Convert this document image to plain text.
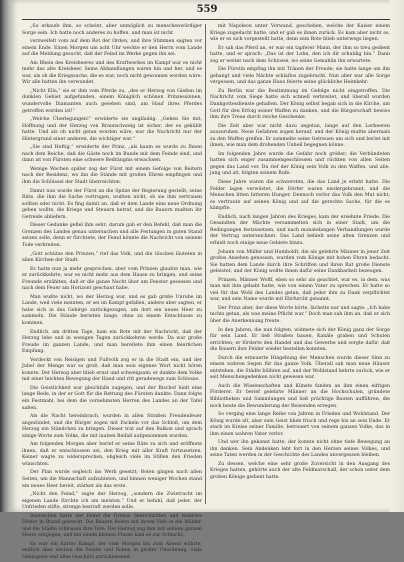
559

„So erkaufe ihm, so scheint, aber unmöglich zu menschenwürdiger Sorge sein. Ich hatte noch anderes zu hoffen, und man ist nicht

verzweifelt vom auf dem Rot der Orden, und ihre Stimmen sagten vor einem Ende. Einen Morgen um acht Uhr weckte er den Herrn vom Lande auf die Meldung gesucht, daß der Feind im Werke gegen ihn sei.

Am Rhein des Kreisheeres und des Kraftwerkes im Kampf war es nicht mehr das alte Kreisheer. Seine Abhandlungen waren hin und her, und es war, als ob die Kriegssache, die es war, noch nicht gewonnen worden wäre. Wir alle hatten ihn verwundet.

„Nicht Ella,“ sie er ihm vom Pferde zu, „des er Herzog von Gießen im dunklen Gebiet aufgefunden, einem Königlich schönen Prinzessinnen, wundervolle Diamanten auch gesehen sind, am Hauf ihres Pferdes getroffen worden ist!“

„Welche Überlegungen!“ erwiderte sie ungläubig. „Gehen Sie mit, Hoffnung und der Herzog von Braunschweig ist sicher, der es gekühlt hatte. Und als ob nicht getan worden wäre, war die Nachricht nur der Hintergrund einer anderen, die wichtiger war.“

„Sie sind Heftig,“ erwiderte der Prinz, „als kaum es wurde zu Ihnen nach dem Reiche, daß die Gäste noch im Bunde mit dem Feinde sind, und dann ist von Fürsten eine schwere Bedrängnis erwachsen.

Wenige Wochen später zog der Fürst mit einem Gefolge von Reitern nach der Residenz, wo ihn die Stände mit großen Ehren empfingen und ihm die Schlüssel der Stadt überreichten.

Damit nun wurde der Fürst an die Spitze der Regierung gestellt; seine Räte, die ihm die Sache vortrugen, wußten nicht, ob sie ihm vertrauen sollten oder nicht. Es fing damit an, daß er dem Lande eine neue Ordnung geben wollte, die Kriege und Steuern betraf, und die Bauern mußten ihr Getreide abliefern.

Dieser Gedanke gefiel ihm sehr; darum gab er den Befehl, daß man die Grenzen des Landes genau untersuchen und alle Festungen in guten Stand setzen solle, denn er fürchtete, der Feind könnte die Nachricht von seinem Tode verbreiten.

„Gott schütze den Prinzen,“ rief das Volk, und die Glocken läuteten in allen Kirchen der Stadt.

Es hatte nun ja mehr gesprochen, aber vom Prinzen glaubte man, wie er zurückkehrte, war es nicht mehr aus dem Hause zu bringen, und seine Freunde erzählten, daß er die ganze Nacht über am Fenster gesessen und nach dem Feuer am Horizont geschaut habe.

Man wußte nicht, wo der Herzog war, und es gab große Unruhe im Lande, weil viele meinten, er sei im Kampf gefallen, andere aber sagten, er habe sich in das Gebirge zurückgezogen, um dort ein neues Heer zu sammeln. Die Stände berieten lange, ohne zu einem Entschlusse zu kommen.

Endlich, am dritten Tage, kam ein Bote mit der Nachricht, daß der Herzog lebe und in wenigen Tagen zurückkehren werde. Da war große Freude im ganzen Lande, und man bereitete ihm einen feierlichen Empfang.

Verdeckt von Reisigen und Fußvolk zog er in die Stadt ein, und der Jubel der Menge war so groß, daß man sein eigenes Wort nicht hören konnte. Der Herzog aber blieb ernst und schweigsam; er dankte dem Volke mit einer leichten Bewegung der Hand und ritt geradewegs zum Schlosse.

Die Geistlichkeit war gleichfalls zugegen, und der Bischof hielt eine lange Rede, in der er Gott für die Rettung des Fürsten dankte. Dann folgte ein Festmahl, bei dem die vornehmsten Herren des Landes an der Tafel saßen.

Als die Nacht hereinbrach, wurden in allen Straßen Freudenfeuer angezündet, und die Bürger zogen mit Fackeln vor das Schloß, um dem Herzog ein Ständchen zu bringen. Dieser trat auf den Balkon und sprach einige Worte zum Volke, die mit lautem Beifall aufgenommen wurden.

Am folgenden Morgen aber berief er seine Räte zu sich und eröffnete ihnen, daß er entschlossen sei, den Krieg mit aller Kraft fortzusetzen. Keiner wagte zu widersprechen, obgleich viele im Stillen den Frieden wünschten.

Der Plan wurde sogleich ins Werk gesetzt; Boten gingen nach allen Seiten, um die Mannschaft aufzubieten, und binnen weniger Wochen stand ein neues Heer bereit, stärker als das erste.

„Nicht den Feind,“ sagte der Herzog, „sondern die Zwietracht im eigenen Lande fürchte ich am meisten.“ Und er befahl, daß jeder, der Unfrieden stifte, strenge bestraft werden solle.

Inzwischen hatte der Feind die Grenze überschritten und mehrere Dörfer in Brand gesteckt. Die Bauern flohen mit ihrem Vieh in die Wälder, und die Städte schlossen ihre Tore. Der Herzog zog ihm mit seinem ganzen Heere entgegen, und bei einem kleinen Flusse kam es zur Schlacht.

Es war ein harter Kampf, der vom Morgen bis zum Abend währte; endlich aber wichen die Feinde und flohen in großer Unordnung, viele Gefangene und alles Geschütz zurücklassend.

mit Napoleon unter Vorwand, geschehen, welche der Kaiser einem Kriege zugedacht hatte, und er gab es ihnen zurück. Es kam aber nicht so, wie er es sich vorgestellt hatte, denn sein Bote blieb unterwegs liegen.

Er sah das Pferd an, er war ein tapferer Mann, der ihm so treu gedient hatte, und er sprach: „Das ist der Lohn, den ich dir schuldig bin.“ Dann zog er weiter nach dem Schlosse, wo seine Gemahlin ihn erwartete.

Die Fürstin empfing ihn mit Tränen der Freude; sie hatte lange um ihn gebangt und viele Nächte schlaflos zugebracht. Nun aber war alle Sorge vergessen, und das ganze Haus feierte seine glückliche Heimkehr.

Zu Berlin war die Bestimmung im Gefolge nicht eingetroffen. Die Nachricht vom Siege hatte sich schnell verbreitet, und überall wurden Dankgottesdienste gehalten. Der König selbst begab sich in die Kirche, um Gott für den Erfolg seiner Waffen zu danken, und die Bürgerschaft bewies ihm ihre Treue durch reiche Geschenke.

Die Zeit aber war nicht dazu angetan, lange auf den Lorbeeren auszuruhen. Neue Gefahren zogen herauf, und der König mußte abermals zu den Waffen greifen. Er sammelte seine Getreuen um sich und beriet mit ihnen, wie man dem drohenden Unheil begegnen könne.

Im folgenden Jahre wurde die Gefahr noch größer; die Verbündeten hatten sich enger zusammengeschlossen und rückten von allen Seiten gegen das Land vor. Da rief der König sein Volk zu den Waffen, und alle, jung und alt, folgten seinem Rufe.

Diese Jahre waren die schwersten, die das Land je erlebt hatte. Die Felder lagen verwüstet, die Dörfer waren niedergebrannt, und die Menschen litten bitteren Hunger. Dennoch verlor das Volk den Mut nicht; es vertraute auf seinen König und auf die gerechte Sache, für die es kämpfte.

Endlich, nach langen Jahren des Krieges, kam der ersehnte Friede. Die Gesandten der Mächte versammelten sich in einer Stadt, um die Bedingungen festzusetzen, und nach monatelangen Verhandlungen wurde der Vertrag unterzeichnet. Das Land behielt seine alten Grenzen und erhielt noch einige neue Gebiete hinzu.

Johann von Müller und Humboldt, die als gelehrte Männer in jener Zeit großes Ansehen genossen, wurden vom Könige mit hohen Ehren bedacht. Sie hatten dem Lande durch ihre Schriften und ihren Rat große Dienste geleistet, und der König wollte ihnen dafür seine Dankbarkeit bezeugen.

Prinzen, Männer Wolff, eben so sehr als geachtet, war es, in dem, was man mit ihm gehabt hatte, wie von einem Vater zu sprechen. Er hatte so viel für das Wohl des Landes getan, daß jeder ihm zu Dank verpflichtet war, und sein Name wurde mit Ehrfurcht genannt.

Der Prinz aber, der diese Worte hörte, lächelte nur und sagte: „Ich habe nichts getan, als was meine Pflicht war.“ Doch man sah ihm an, daß er sich über die Anerkennung freute.

In den Jahren, die nun folgten, widmete sich der König ganz der Sorge für sein Land. Er ließ Straßen bauen, Kanäle graben und Schulen errichten; er förderte den Handel und das Gewerbe und sorgte dafür, daß die Bauern ihre Felder wieder bestellen konnten.

Durch die erneuerte Hingebung der Menschen wurde dieser Sinn zu einem wahren Segen für das ganze Volk. Überall sah man neue Häuser entstehen, die Städte blühten auf, und der Wohlstand kehrte zurück, wie er seit Menschengedenken nicht gewesen war.

Auch die Wissenschaften und Künste fanden an ihm einen eifrigen Förderer. Er berief gelehrte Männer an die Hochschulen, gründete Bibliotheken und Sammlungen und ließ prächtige Bauten aufführen, die noch heute die Bewunderung der Reisenden erregen.

So verging eine lange Reihe von Jahren in Frieden und Wohlstand. Der König wurde alt, aber sein Geist blieb frisch und rege bis an sein Ende. Er starb im Kreise seiner Familie, betrauert von seinem ganzen Volke, das in ihm einen wahren Vater verlor.

Und wer ihn gekannt hatte, der konnte nicht ohne tiefe Bewegung an ihn denken. Sein Andenken lebt fort in den Herzen seines Volkes, und seine Taten werden in der Geschichte des Landes unvergessen bleiben.

Zu dessen, welche eine sehr große Zuversicht in den Ausgang des Krieges hatten, gehörte auch der alte Feldmarschall, der schon unter dem großen Könige gedient hatte.
